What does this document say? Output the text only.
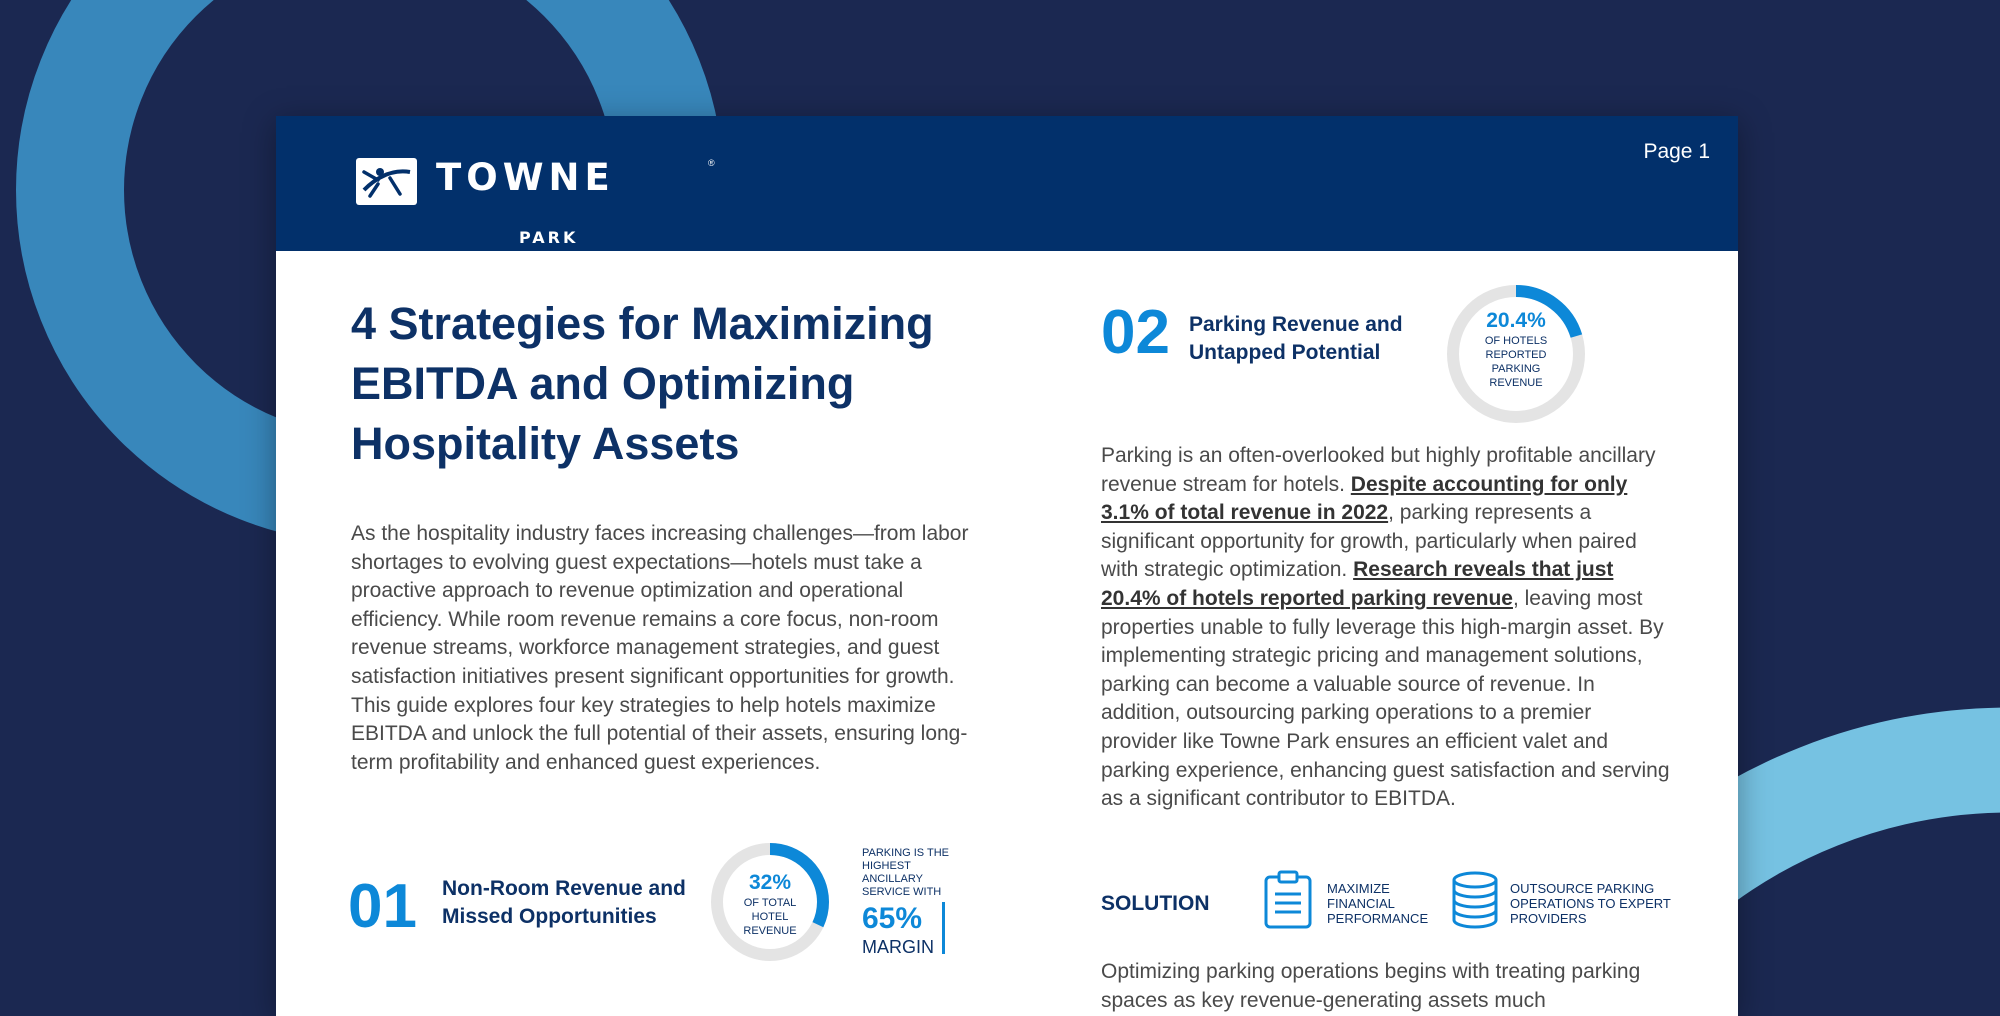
TOWNE	®
PARK
Page 1
4 Strategies for Maximizing EBITDA and Optimizing Hospitality Assets

As the hospitality industry faces increasing challenges—from labor shortages to evolving guest expectations—hotels must take a proactive approach to revenue optimization and operational efficiency. While room revenue remains a core focus, non-room revenue streams, workforce management strategies, and guest satisfaction initiatives present significant opportunities for growth. This guide explores four key strategies to help hotels maximize EBITDA and unlock the full potential of their assets, ensuring long-term profitability and enhanced guest experiences.

01 Non-Room Revenue and Missed Opportunities
32%
OF TOTAL HOTEL REVENUE
PARKING IS THE HIGHEST ANCILLARY SERVICE WITH
65%
MARGIN
02 Parking Revenue and Untapped Potential
20.4%
OF HOTELS REPORTED PARKING REVENUE

Parking is an often-overlooked but highly profitable ancillary revenue stream for hotels. Despite accounting for only 3.1% of total revenue in 2022, parking represents a significant opportunity for growth, particularly when paired with strategic optimization. Research reveals that just 20.4% of hotels reported parking revenue, leaving most properties unable to fully leverage this high-margin asset. By implementing strategic pricing and management solutions, parking can become a valuable source of revenue. In addition, outsourcing parking operations to a premier provider like Towne Park ensures an efficient valet and parking experience, enhancing guest satisfaction and serving as a significant contributor to EBITDA.

SOLUTION
MAXIMIZE FINANCIAL PERFORMANCE
OUTSOURCE PARKING OPERATIONS TO EXPERT PROVIDERS

Optimizing parking operations begins with treating parking spaces as key revenue-generating assets much
